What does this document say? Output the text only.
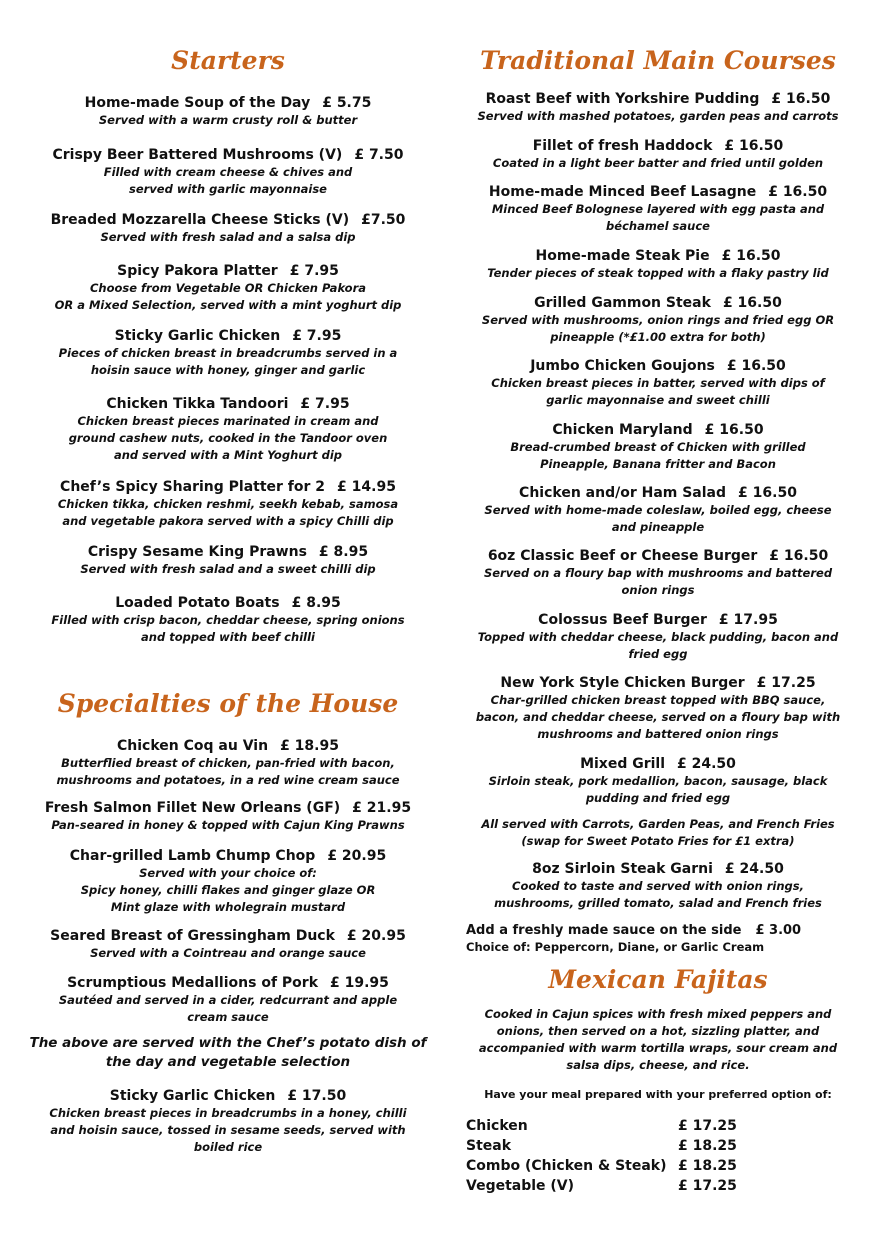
Starters
Home-made Soup of the Day £ 5.75
Served with a warm crusty roll & butter
Crispy Beer Battered Mushrooms (V) £ 7.50
Filled with cream cheese & chives and
served with garlic mayonnaise
Breaded Mozzarella Cheese Sticks (V) £7.50
Served with fresh salad and a salsa dip
Spicy Pakora Platter £ 7.95
Choose from Vegetable OR Chicken Pakora
OR a Mixed Selection, served with a mint yoghurt dip
Sticky Garlic Chicken £ 7.95
Pieces of chicken breast in breadcrumbs served in a
hoisin sauce with honey, ginger and garlic
Chicken Tikka Tandoori £ 7.95
Chicken breast pieces marinated in cream and
ground cashew nuts, cooked in the Tandoor oven
and served with a Mint Yoghurt dip
Chef’s Spicy Sharing Platter for 2 £ 14.95
Chicken tikka, chicken reshmi, seekh kebab, samosa
and vegetable pakora served with a spicy Chilli dip
Crispy Sesame King Prawns £ 8.95
Served with fresh salad and a sweet chilli dip
Loaded Potato Boats £ 8.95
Filled with crisp bacon, cheddar cheese, spring onions
and topped with beef chilli
Specialties of the House
Chicken Coq au Vin £ 18.95
Butterflied breast of chicken, pan-fried with bacon,
mushrooms and potatoes, in a red wine cream sauce
Fresh Salmon Fillet New Orleans (GF) £ 21.95
Pan-seared in honey & topped with Cajun King Prawns
Char-grilled Lamb Chump Chop £ 20.95
Served with your choice of:
Spicy honey, chilli flakes and ginger glaze OR
Mint glaze with wholegrain mustard
Seared Breast of Gressingham Duck £ 20.95
Served with a Cointreau and orange sauce
Scrumptious Medallions of Pork £ 19.95
Sautéed and served in a cider, redcurrant and apple
cream sauce
The above are served with the Chef’s potato dish of
the day and vegetable selection
Sticky Garlic Chicken £ 17.50
Chicken breast pieces in breadcrumbs in a honey, chilli
and hoisin sauce, tossed in sesame seeds, served with
boiled rice
Traditional Main Courses
Roast Beef with Yorkshire Pudding £ 16.50
Served with mashed potatoes, garden peas and carrots
Fillet of fresh Haddock £ 16.50
Coated in a light beer batter and fried until golden
Home-made Minced Beef Lasagne £ 16.50
Minced Beef Bolognese layered with egg pasta and
béchamel sauce
Home-made Steak Pie £ 16.50
Tender pieces of steak topped with a flaky pastry lid
Grilled Gammon Steak £ 16.50
Served with mushrooms, onion rings and fried egg OR
pineapple (*£1.00 extra for both)
Jumbo Chicken Goujons £ 16.50
Chicken breast pieces in batter, served with dips of
garlic mayonnaise and sweet chilli
Chicken Maryland £ 16.50
Bread-crumbed breast of Chicken with grilled
Pineapple, Banana fritter and Bacon
Chicken and/or Ham Salad £ 16.50
Served with home-made coleslaw, boiled egg, cheese
and pineapple
6oz Classic Beef or Cheese Burger £ 16.50
Served on a floury bap with mushrooms and battered
onion rings
Colossus Beef Burger £ 17.95
Topped with cheddar cheese, black pudding, bacon and
fried egg
New York Style Chicken Burger £ 17.25
Char-grilled chicken breast topped with BBQ sauce,
bacon, and cheddar cheese, served on a floury bap with
mushrooms and battered onion rings
Mixed Grill £ 24.50
Sirloin steak, pork medallion, bacon, sausage, black
pudding and fried egg
All served with Carrots, Garden Peas, and French Fries
(swap for Sweet Potato Fries for £1 extra)
8oz Sirloin Steak Garni £ 24.50
Cooked to taste and served with onion rings,
mushrooms, grilled tomato, salad and French fries
Add a freshly made sauce on the side £ 3.00
Choice of: Peppercorn, Diane, or Garlic Cream
Mexican Fajitas
Cooked in Cajun spices with fresh mixed peppers and
onions, then served on a hot, sizzling platter, and
accompanied with warm tortilla wraps, sour cream and
salsa dips, cheese, and rice.
Have your meal prepared with your preferred option of:
Chicken	£ 17.25
Steak	£ 18.25
Combo (Chicken & Steak) £ 18.25
Vegetable (V)	£ 17.25
